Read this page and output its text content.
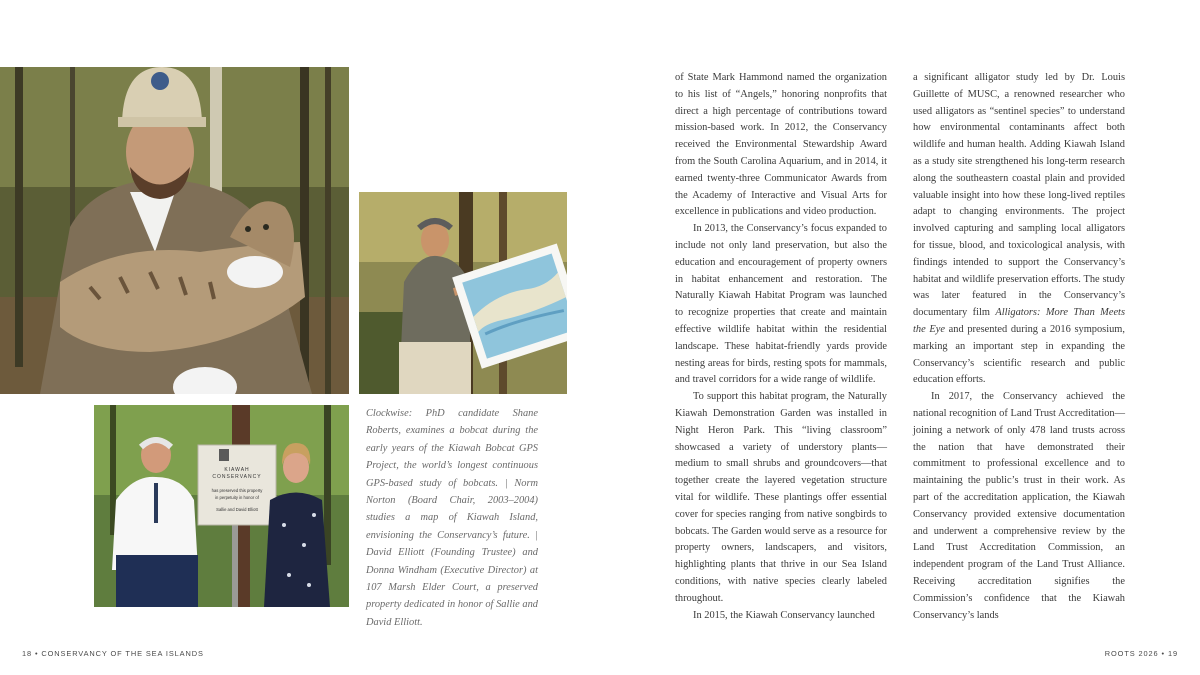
KIAWAH
CONSERVANCY
has preserved this property
in perpetuity in honor of
Sallie and David Elliott

Clockwise: PhD candidate Shane Roberts, examines a bobcat during the early years of the Kiawah Bobcat GPS Project, the world’s longest continuous GPS-based study of bobcats. | Norm Norton (Board Chair, 2003–2004) studies a map of Kiawah Island, envisioning the Conservancy’s future. | David Elliott (Founding Trustee) and Donna Windham (Executive Director) at 107 Marsh Elder Court, a preserved property dedicated in honor of Sallie and David Elliott.

of State Mark Hammond named the organization to his list of “Angels,” honoring nonprofits that direct a high percentage of contributions toward mission-based work. In 2012, the Conservancy received the Environmental Stewardship Award from the South Carolina Aquarium, and in 2014, it earned twenty-three Communicator Awards from the Academy of Interactive and Visual Arts for excellence in publications and video production.

In 2013, the Conservancy’s focus expanded to include not only land preservation, but also the education and encouragement of property owners in habitat enhancement and restoration. The Naturally Kiawah Habitat Program was launched to recognize properties that create and maintain effective wildlife habitat within the residential landscape. These habitat-friendly yards provide nesting areas for birds, resting spots for mammals, and travel corridors for a wide range of wildlife.

To support this habitat program, the Naturally Kiawah Demonstration Garden was installed in Night Heron Park. This “living classroom” showcased a variety of understory plants—medium to small shrubs and groundcovers—that together create the layered vegetation structure vital for wildlife. These plantings offer essential cover for species ranging from native songbirds to bobcats. The Garden would serve as a resource for property owners, landscapers, and visitors, highlighting plants that thrive in our Sea Island conditions, with native species clearly labeled throughout.

In 2015, the Kiawah Conservancy launched

a significant alligator study led by Dr. Louis Guillette of MUSC, a renowned researcher who used alligators as “sentinel species” to understand how environmental contaminants affect both wildlife and human health. Adding Kiawah Island as a study site strengthened his long-term research along the southeastern coastal plain and provided valuable insight into how these long-lived reptiles adapt to changing environments. The project involved capturing and sampling local alligators for tissue, blood, and toxicological analysis, with findings intended to support the Conservancy’s habitat and wildlife preservation efforts. The study was later featured in the Conservancy’s documentary film Alligators: More Than Meets the Eye and presented during a 2016 symposium, marking an important step in expanding the Conservancy’s scientific research and public education efforts.

In 2017, the Conservancy achieved the national recognition of Land Trust Accreditation—joining a network of only 478 land trusts across the nation that have demonstrated their commitment to professional excellence and to maintaining the public’s trust in their work. As part of the accreditation application, the Kiawah Conservancy provided extensive documentation and underwent a comprehensive review by the Land Trust Accreditation Commission, an independent program of the Land Trust Alliance. Receiving accreditation signifies the Commission’s confidence that the Kiawah Conservancy’s lands

18 • CONSERVANCY OF THE SEA ISLANDS	ROOTS 2026 • 19
